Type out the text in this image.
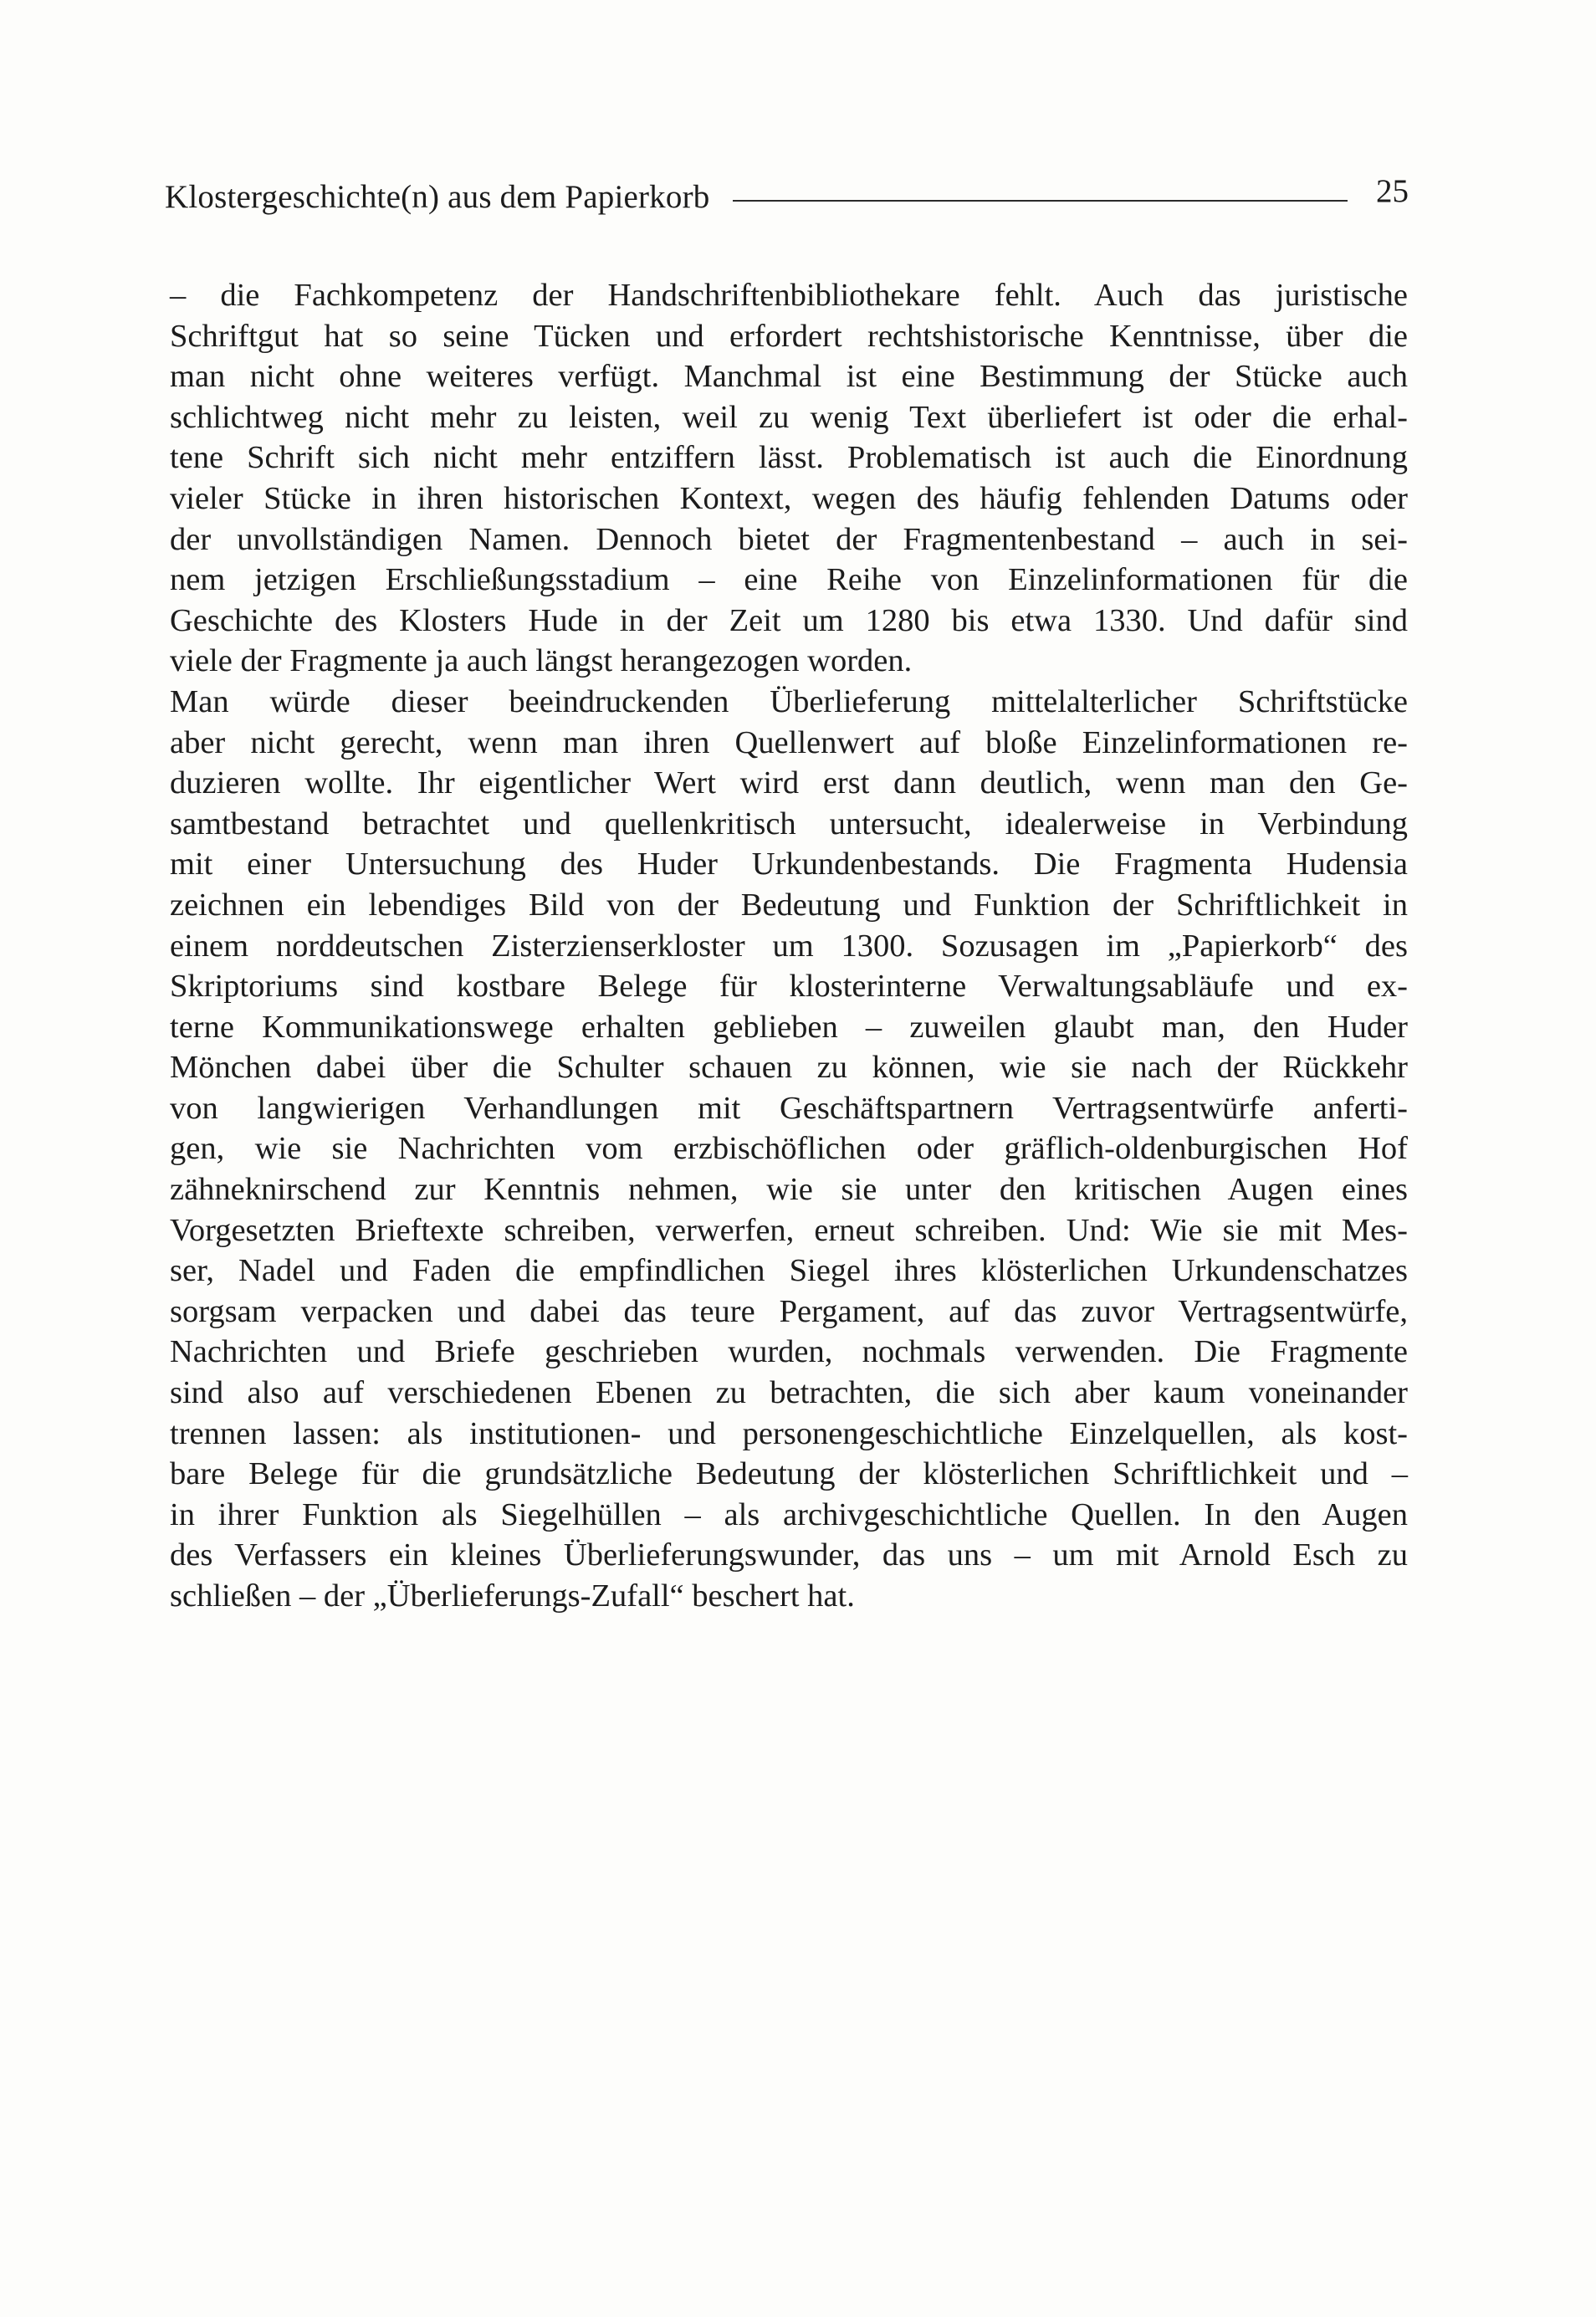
Klostergeschichte(n) aus dem Papierkorb	25

– die Fachkompetenz der Handschriftenbibliothekare fehlt. Auch das juristische
Schriftgut hat so seine Tücken und erfordert rechtshistorische Kenntnisse, über die
man nicht ohne weiteres verfügt. Manchmal ist eine Bestimmung der Stücke auch
schlichtweg nicht mehr zu leisten, weil zu wenig Text überliefert ist oder die erhal-
tene Schrift sich nicht mehr entziffern lässt. Problematisch ist auch die Einordnung
vieler Stücke in ihren historischen Kontext, wegen des häufig fehlenden Datums oder
der unvollständigen Namen. Dennoch bietet der Fragmentenbestand – auch in sei-
nem jetzigen Erschließungsstadium – eine Reihe von Einzelinformationen für die
Geschichte des Klosters Hude in der Zeit um 1280 bis etwa 1330. Und dafür sind
viele der Fragmente ja auch längst herangezogen worden.

Man würde dieser beeindruckenden Überlieferung mittelalterlicher Schriftstücke
aber nicht gerecht, wenn man ihren Quellenwert auf bloße Einzelinformationen re-
duzieren wollte. Ihr eigentlicher Wert wird erst dann deutlich, wenn man den Ge-
samtbestand betrachtet und quellenkritisch untersucht, idealerweise in Verbindung
mit einer Untersuchung des Huder Urkundenbestands. Die Fragmenta Hudensia
zeichnen ein lebendiges Bild von der Bedeutung und Funktion der Schriftlichkeit in
einem norddeutschen Zisterzienserkloster um 1300. Sozusagen im „Papierkorb“ des
Skriptoriums sind kostbare Belege für klosterinterne Verwaltungsabläufe und ex-
terne Kommunikationswege erhalten geblieben – zuweilen glaubt man, den Huder
Mönchen dabei über die Schulter schauen zu können, wie sie nach der Rückkehr
von langwierigen Verhandlungen mit Geschäftspartnern Vertragsentwürfe anferti-
gen, wie sie Nachrichten vom erzbischöflichen oder gräflich-oldenburgischen Hof
zähneknirschend zur Kenntnis nehmen, wie sie unter den kritischen Augen eines
Vorgesetzten Brieftexte schreiben, verwerfen, erneut schreiben. Und: Wie sie mit Mes-
ser, Nadel und Faden die empfindlichen Siegel ihres klösterlichen Urkundenschatzes
sorgsam verpacken und dabei das teure Pergament, auf das zuvor Vertragsentwürfe,
Nachrichten und Briefe geschrieben wurden, nochmals verwenden. Die Fragmente
sind also auf verschiedenen Ebenen zu betrachten, die sich aber kaum voneinander
trennen lassen: als institutionen- und personengeschichtliche Einzelquellen, als kost-
bare Belege für die grundsätzliche Bedeutung der klösterlichen Schriftlichkeit und –
in ihrer Funktion als Siegelhüllen – als archivgeschichtliche Quellen. In den Augen
des Verfassers ein kleines Überlieferungswunder, das uns – um mit Arnold Esch zu
schließen – der „Überlieferungs-Zufall“ beschert hat.
